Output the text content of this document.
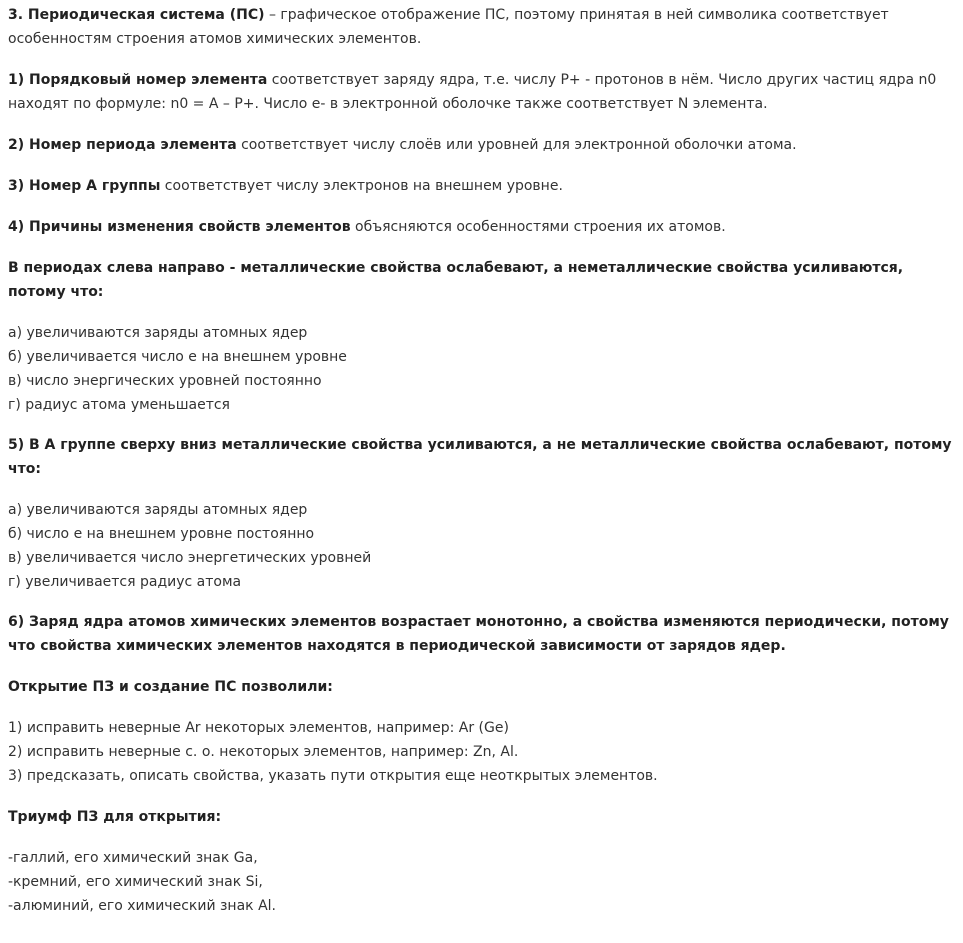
3. Периодическая система (ПС) – графическое отображение ПС, поэтому принятая в ней символика соответствует особенностям строения атомов химических элементов.

1) Порядковый номер элемента соответствует заряду ядра, т.е. числу P+ - протонов в нём. Число других частиц ядра n0 находят по формуле: n0 = A – P+. Число e- в электронной оболочке также соответствует N элемента.

2) Номер периода элемента соответствует числу слоёв или уровней для электронной оболочки атома.

3) Номер А группы соответствует числу электронов на внешнем уровне.

4) Причины изменения свойств элементов объясняются особенностями строения их атомов.

В периодах слева направо - металлические свойства ослабевают, а неметаллические свойства усиливаются, потому что:

а) увеличиваются заряды атомных ядер

б) увеличивается число е на внешнем уровне

в) число энергических уровней постоянно

г) радиус атома уменьшается

5) В А группе сверху вниз металлические свойства усиливаются, а не металлические свойства ослабевают, потому что:

а) увеличиваются заряды атомных ядер

б) число е на внешнем уровне постоянно

в) увеличивается число энергетических уровней

г) увеличивается радиус атома

6) Заряд ядра атомов химических элементов возрастает монотонно, а свойства изменяются периодически, потому что свойства химических элементов находятся в периодической зависимости от зарядов ядер.

Открытие ПЗ и создание ПС позволили:

1) исправить неверные Ar некоторых элементов, например: Ar (Ge)

2) исправить неверные с. о. некоторых элементов, например: Zn, Al.

3) предсказать, описать свойства, указать пути открытия еще неоткрытых элементов.

Триумф ПЗ для открытия:

-галлий, его химический знак Ga,

-кремний, его химический знак Si,

-алюминий, его химический знак Al.
